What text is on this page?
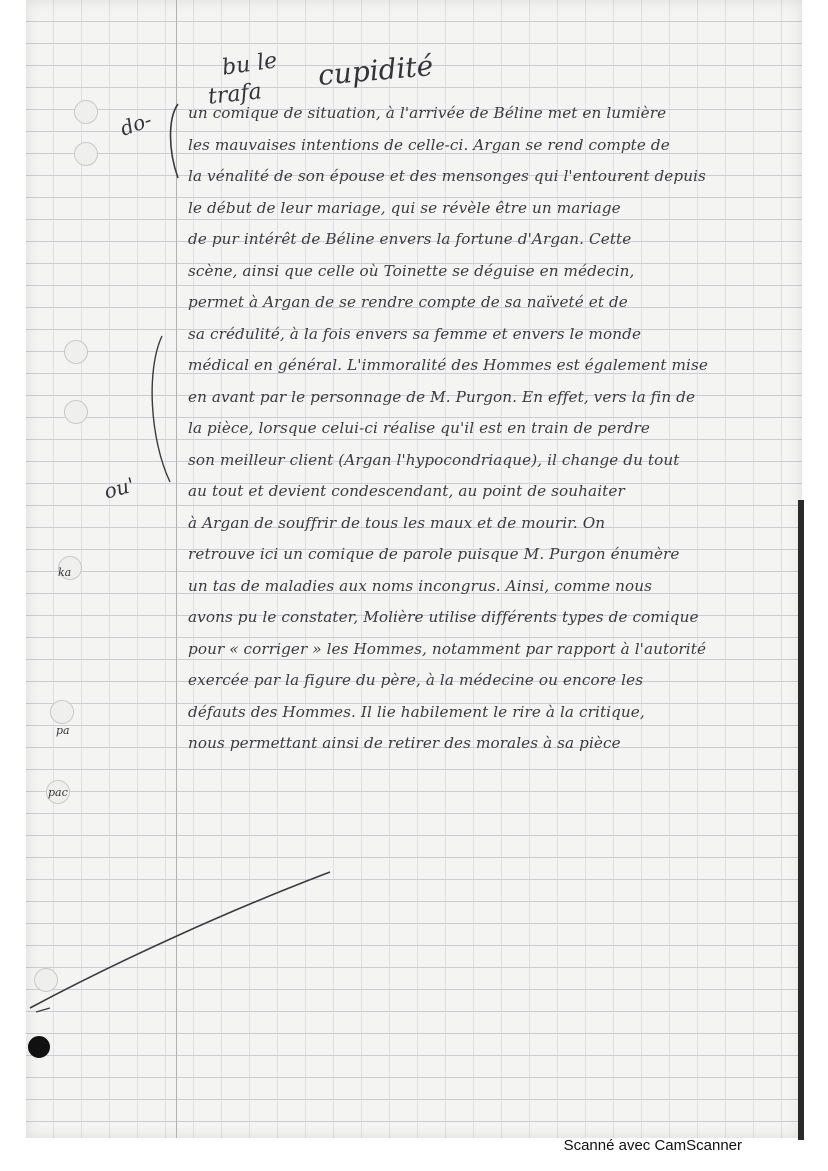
bu le
trafa
cupidité
do-
ou'
ka
pa
pac
un comique de situation, à l'arrivée de Béline met en lumière
les mauvaises intentions de celle-ci. Argan se rend compte de
la vénalité de son épouse et des mensonges qui l'entourent depuis
le début de leur mariage, qui se révèle être un mariage
de pur intérêt de Béline envers la fortune d'Argan. Cette
scène, ainsi que celle où Toinette se déguise en médecin,
permet à Argan de se rendre compte de sa naïveté et de
sa crédulité, à la fois envers sa femme et envers le monde
médical en général. L'immoralité des Hommes est également mise
en avant par le personnage de M. Purgon. En effet, vers la fin de
la pièce, lorsque celui-ci réalise qu'il est en train de perdre
son meilleur client (Argan l'hypocondriaque), il change du tout
au tout et devient condescendant, au point de souhaiter
à Argan de souffrir de tous les maux et de mourir. On
retrouve ici un comique de parole puisque M. Purgon énumère
un tas de maladies aux noms incongrus. Ainsi, comme nous
avons pu le constater, Molière utilise différents types de comique
pour « corriger » les Hommes, notamment par rapport à l'autorité
exercée par la figure du père, à la médecine ou encore les
défauts des Hommes. Il lie habilement le rire à la critique,
nous permettant ainsi de retirer des morales à sa pièce
Scanné avec CamScanner
